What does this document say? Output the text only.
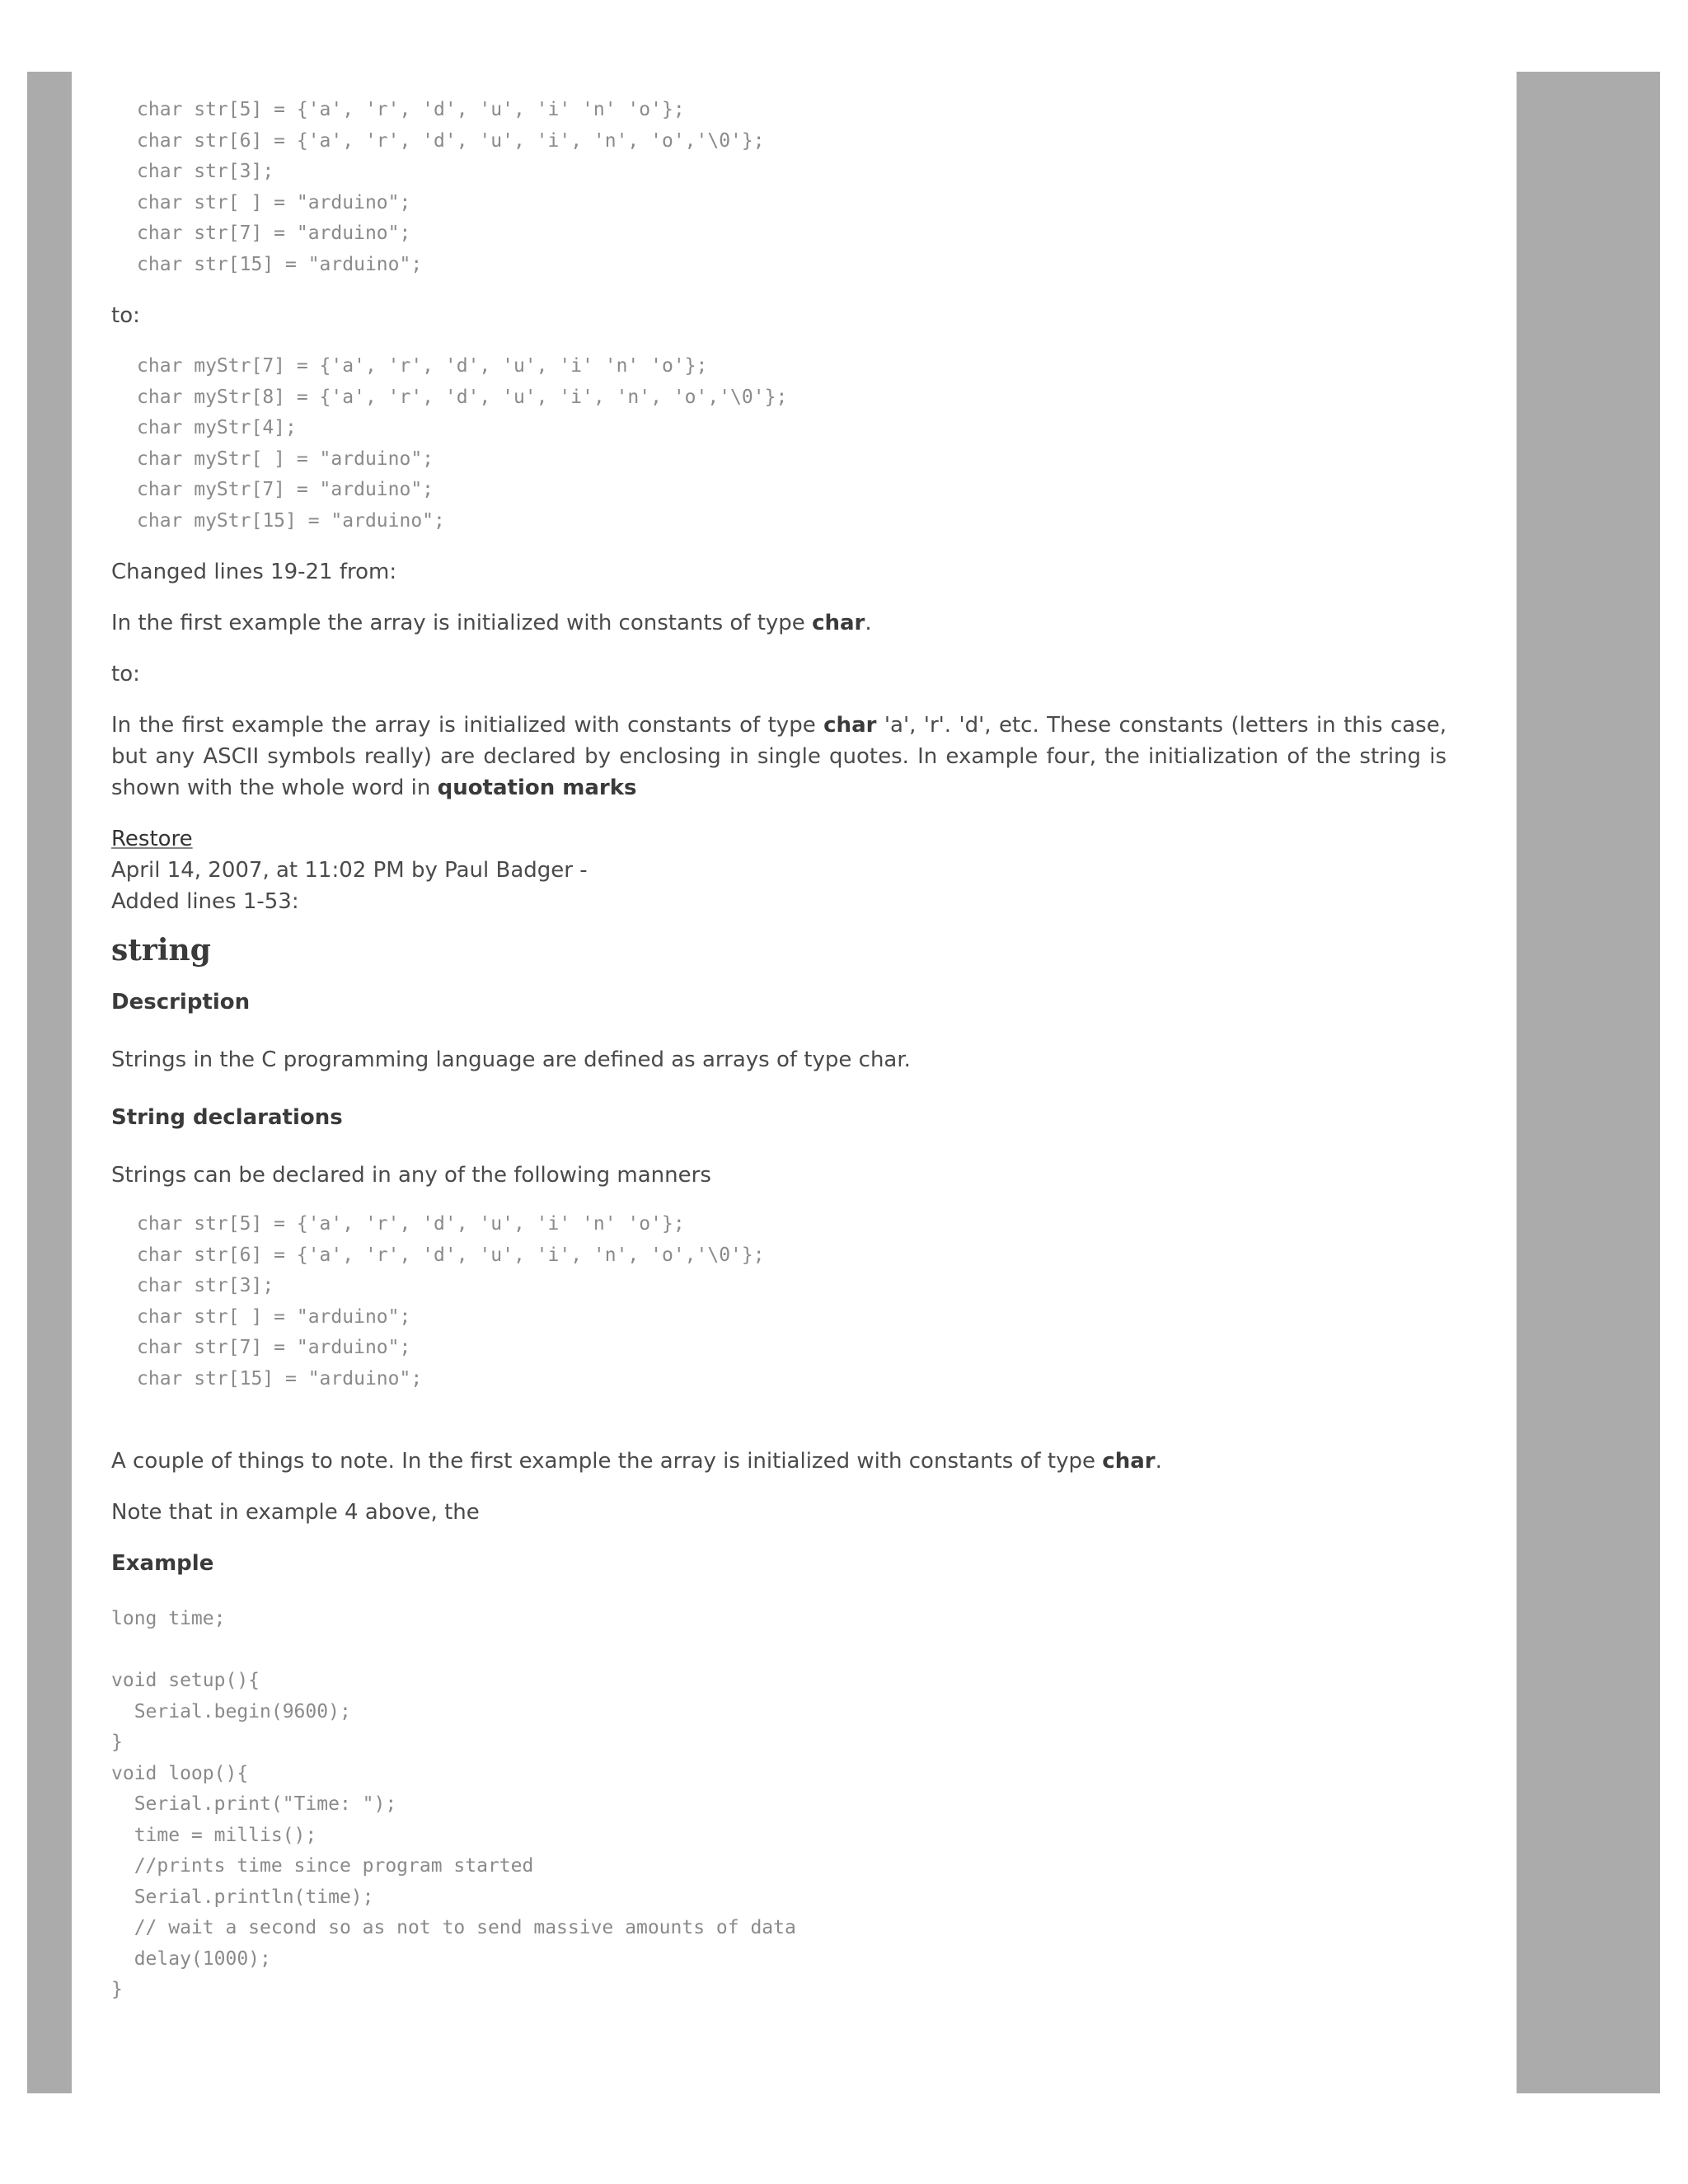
char str[5] = {'a', 'r', 'd', 'u', 'i' 'n' 'o'};
char str[6] = {'a', 'r', 'd', 'u', 'i', 'n', 'o','\0'};
char str[3];
char str[ ] = "arduino";
char str[7] = "arduino";
char str[15] = "arduino";

to:

char myStr[7] = {'a', 'r', 'd', 'u', 'i' 'n' 'o'};
char myStr[8] = {'a', 'r', 'd', 'u', 'i', 'n', 'o','\0'};
char myStr[4];
char myStr[ ] = "arduino";
char myStr[7] = "arduino";
char myStr[15] = "arduino";

Changed lines 19-21 from:

In the first example the array is initialized with constants of type char.

to:

In the first example the array is initialized with constants of type char 'a', 'r'. 'd', etc. These constants (letters in this case, but any ASCII symbols really) are declared by enclosing in single quotes. In example four, the initialization of the string is shown with the whole word in quotation marks

Restore

April 14, 2007, at 11:02 PM by Paul Badger -

Added lines 1-53:

string
Description

Strings in the C programming language are defined as arrays of type char.

String declarations

Strings can be declared in any of the following manners

char str[5] = {'a', 'r', 'd', 'u', 'i' 'n' 'o'};
char str[6] = {'a', 'r', 'd', 'u', 'i', 'n', 'o','\0'};
char str[3];
char str[ ] = "arduino";
char str[7] = "arduino";
char str[15] = "arduino";

A couple of things to note. In the first example the array is initialized with constants of type char.

Note that in example 4 above, the

Example
long time;

void setup(){
Serial.begin(9600);
}
void loop(){
Serial.print("Time: ");
time = millis();
//prints time since program started
Serial.println(time);
// wait a second so as not to send massive amounts of data
delay(1000);
}
